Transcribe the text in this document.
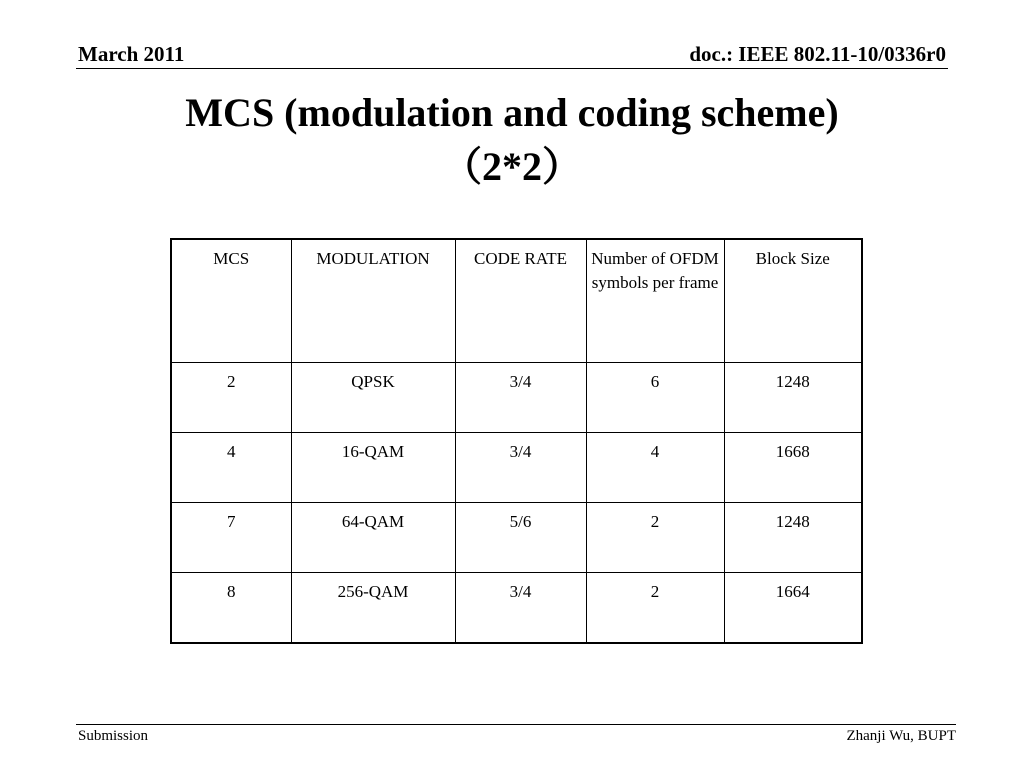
March 2011	doc.: IEEE 802.11-10/0336r0
MCS (modulation and coding scheme)
（2*2）
MCS	MODULATION	CODE RATE	Number of OFDM symbols per frame	Block Size
2	QPSK	3/4	6	1248
4	16-QAM	3/4	4	1668
7	64-QAM	5/6	2	1248
8	256-QAM	3/4	2	1664
Submission	Zhanji Wu, BUPT
